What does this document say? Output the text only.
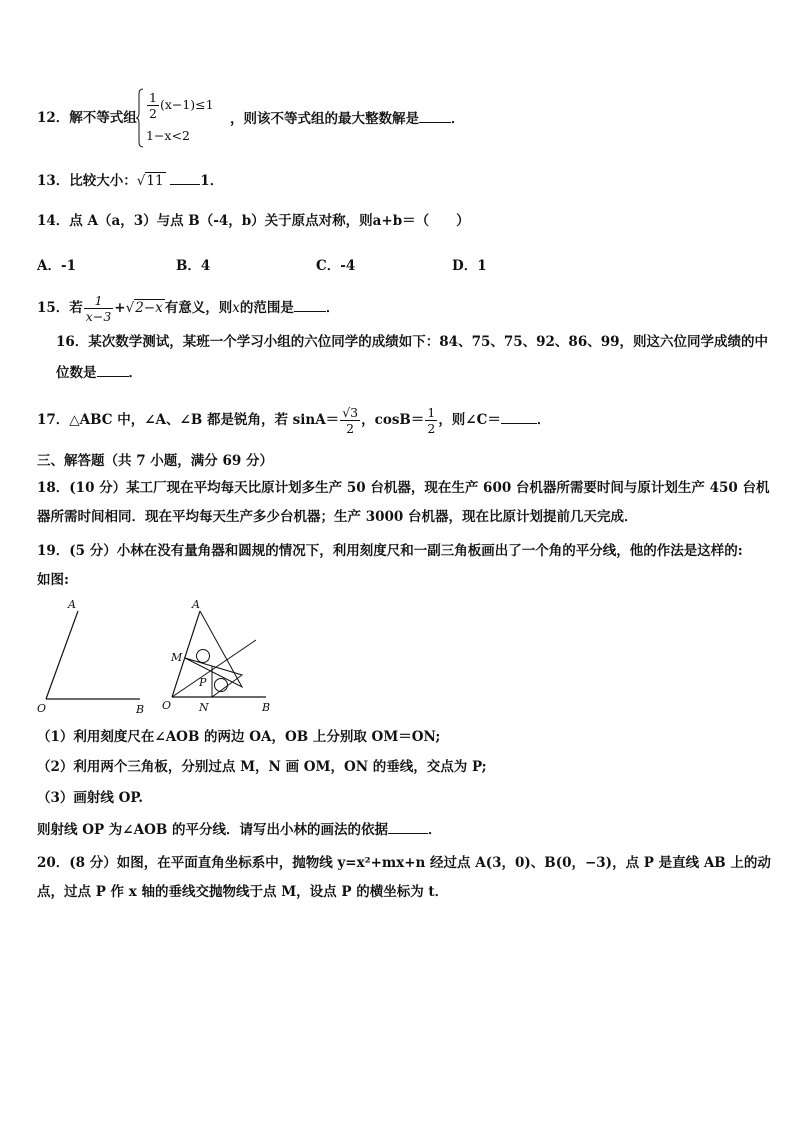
12．解不等式组 $\frac{1}{2} (x-1)\le 1$
1−x<2
，则该不等式组的最大整数解是 ．
13．比较大小：√11	1．
14．点 A（a，3）与点 B（-4，b）关于原点对称，则a+b＝（　　）
A．-1	B．4	C．-4	D．1
15．若 $\frac{1}{x-3} +√2-x$ 有意义，则x的范围是 ．
16．某次数学测试，某班一个学习小组的六位同学的成绩如下：84、75、75、92、86、99，则这六位同学成绩的中
位数是 ．
17．△ABC 中，∠A、∠B 都是锐角，若 $\sin A= \frac{√3}{2}$ ，$\cos B= \frac{1}{2}$ ，则∠C＝	．
三、解答题（共 7 小题，满分 69 分）
18．(10 分）某工厂现在平均每天比原计划多生产 50 台机器，现在生产 600 台机器所需要时间与原计划生产 450 台机
器所需时间相同．现在平均每天生产多少台机器；生产 3000 台机器，现在比原计划提前几天完成．
19．(5 分）小林在没有量角器和圆规的情况下，利用刻度尺和一副三角板画出了一个角的平分线，他的作法是这样的:
如图:
A
O	B
A
M
P
O	N	B
（1）利用刻度尺在∠AOB 的两边 OA，OB 上分别取 OM＝ON;
（2）利用两个三角板，分别过点 M，N 画 OM，ON 的垂线，交点为 P;
（3）画射线 OP.
则射线 OP 为∠AOB 的平分线．请写出小林的画法的依据	．
20．(8 分）如图，在平面直角坐标系中，抛物线 y=x²+mx+n 经过点 A(3，0)、B(0，−3)，点 P 是直线 AB 上的动
点，过点 P 作 x 轴的垂线交抛物线于点 M，设点 P 的横坐标为 t．
